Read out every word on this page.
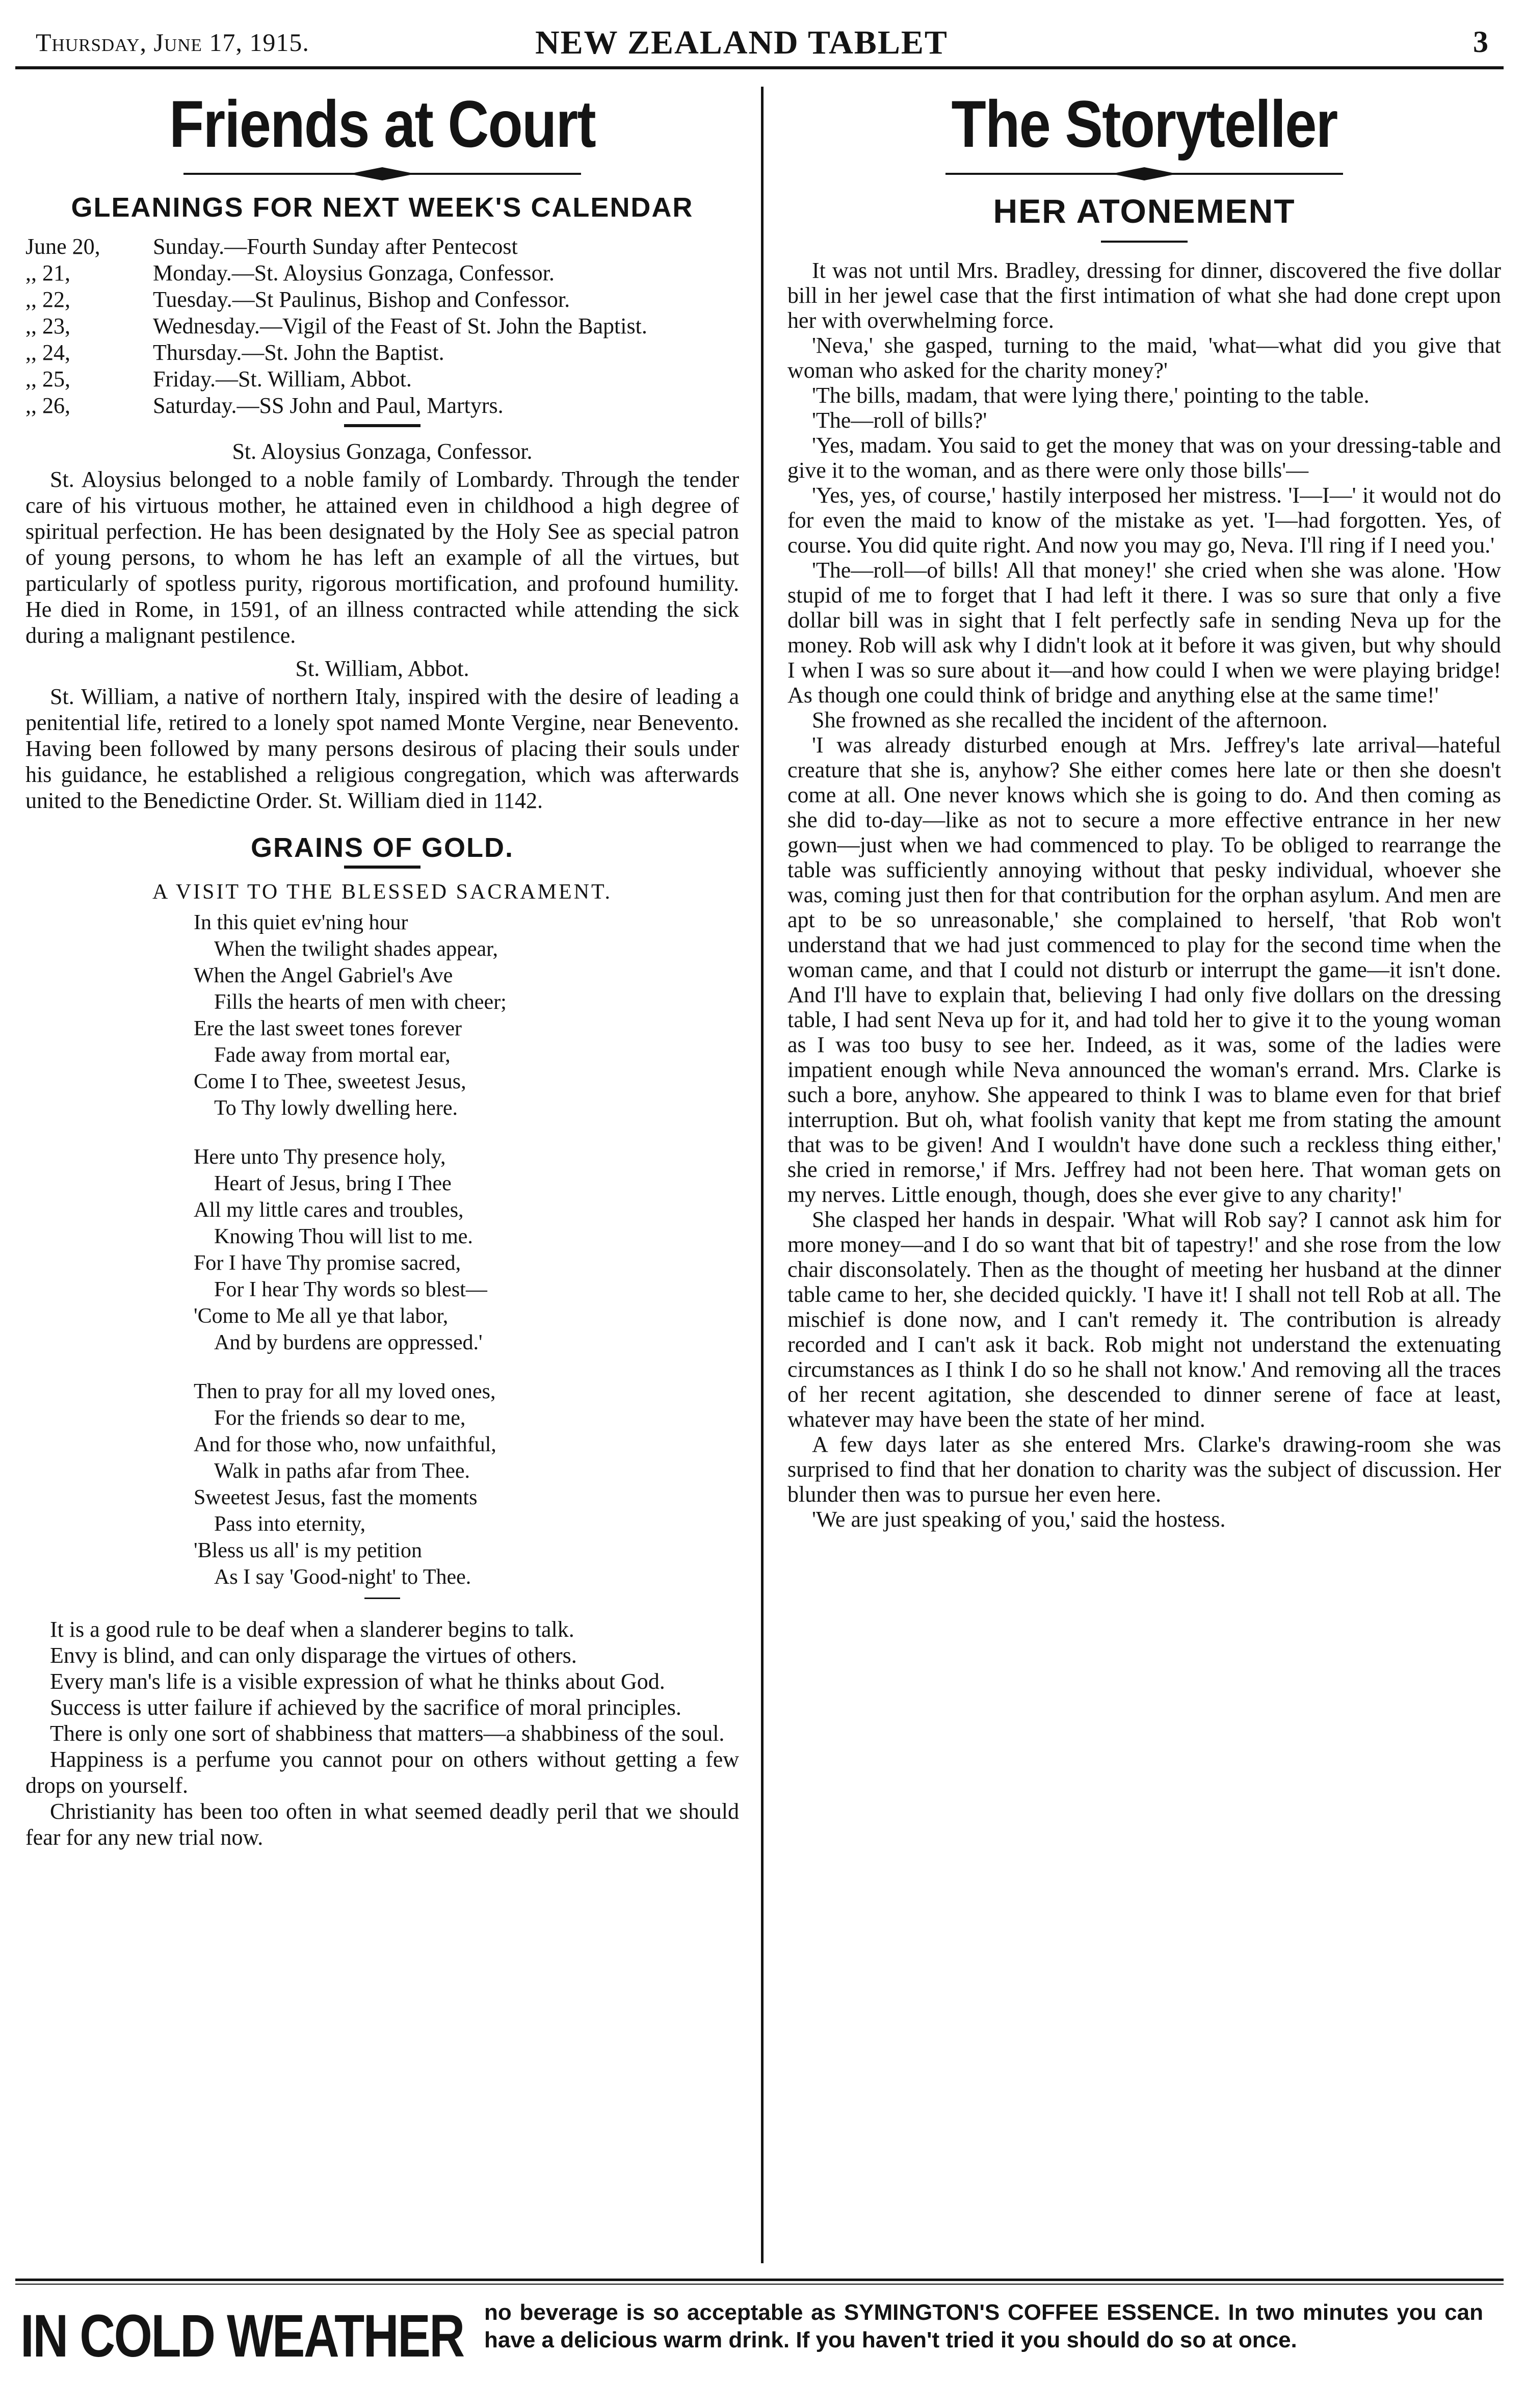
Thursday, June 17, 1915.	NEW ZEALAND TABLET	3
Friends at Court
GLEANINGS FOR NEXT WEEK'S CALENDAR
June 20,	Sunday.—Fourth Sunday after Pentecost
,, 21,	Monday.—St. Aloysius Gonzaga, Confessor.
,, 22,	Tuesday.—St Paulinus, Bishop and Confessor.
,, 23,	Wednesday.—Vigil of the Feast of St. John the Baptist.
,, 24,	Thursday.—St. John the Baptist.
,, 25,	Friday.—St. William, Abbot.
,, 26,	Saturday.—SS John and Paul, Martyrs.
St. Aloysius Gonzaga, Confessor.

St. Aloysius belonged to a noble family of Lombardy. Through the tender care of his virtuous mother, he attained even in childhood a high degree of spiritual perfection. He has been designated by the Holy See as special patron of young persons, to whom he has left an example of all the virtues, but particularly of spotless purity, rigorous mortification, and profound humility. He died in Rome, in 1591, of an illness contracted while attending the sick during a malignant pestilence.

St. William, Abbot.

St. William, a native of northern Italy, inspired with the desire of leading a penitential life, retired to a lonely spot named Monte Vergine, near Benevento. Having been followed by many persons desirous of placing their souls under his guidance, he established a religious congregation, which was afterwards united to the Benedictine Order. St. William died in 1142.

GRAINS OF GOLD.
A VISIT TO THE BLESSED SACRAMENT.
In this quiet ev'ning hour
When the twilight shades appear,
When the Angel Gabriel's Ave
Fills the hearts of men with cheer;
Ere the last sweet tones forever
Fade away from mortal ear,
Come I to Thee, sweetest Jesus,
To Thy lowly dwelling here.
Here unto Thy presence holy,
Heart of Jesus, bring I Thee
All my little cares and troubles,
Knowing Thou will list to me.
For I have Thy promise sacred,
For I hear Thy words so blest—
'Come to Me all ye that labor,
And by burdens are oppressed.'
Then to pray for all my loved ones,
For the friends so dear to me,
And for those who, now unfaithful,
Walk in paths afar from Thee.
Sweetest Jesus, fast the moments
Pass into eternity,
'Bless us all' is my petition
As I say 'Good-night' to Thee.

It is a good rule to be deaf when a slanderer begins to talk.

Envy is blind, and can only disparage the virtues of others.

Every man's life is a visible expression of what he thinks about God.

Success is utter failure if achieved by the sacrifice of moral principles.

There is only one sort of shabbiness that matters—a shabbiness of the soul.

Happiness is a perfume you cannot pour on others without getting a few drops on yourself.

Christianity has been too often in what seemed deadly peril that we should fear for any new trial now.

The Storyteller
HER ATONEMENT

It was not until Mrs. Bradley, dressing for dinner, discovered the five dollar bill in her jewel case that the first intimation of what she had done crept upon her with overwhelming force.

'Neva,' she gasped, turning to the maid, 'what—what did you give that woman who asked for the charity money?'

'The bills, madam, that were lying there,' pointing to the table.

'The—roll of bills?'

'Yes, madam. You said to get the money that was on your dressing-table and give it to the woman, and as there were only those bills'—

'Yes, yes, of course,' hastily interposed her mistress. 'I—I—' it would not do for even the maid to know of the mistake as yet. 'I—had forgotten. Yes, of course. You did quite right. And now you may go, Neva. I'll ring if I need you.'

'The—roll—of bills! All that money!' she cried when she was alone. 'How stupid of me to forget that I had left it there. I was so sure that only a five dollar bill was in sight that I felt perfectly safe in sending Neva up for the money. Rob will ask why I didn't look at it before it was given, but why should I when I was so sure about it—and how could I when we were playing bridge! As though one could think of bridge and anything else at the same time!'

She frowned as she recalled the incident of the afternoon.

'I was already disturbed enough at Mrs. Jeffrey's late arrival—hateful creature that she is, anyhow? She either comes here late or then she doesn't come at all. One never knows which she is going to do. And then coming as she did to-day—like as not to secure a more effective entrance in her new gown—just when we had commenced to play. To be obliged to rearrange the table was sufficiently annoying without that pesky individual, whoever she was, coming just then for that contribution for the orphan asylum. And men are apt to be so unreasonable,' she complained to herself, 'that Rob won't understand that we had just commenced to play for the second time when the woman came, and that I could not disturb or interrupt the game—it isn't done. And I'll have to explain that, believing I had only five dollars on the dressing table, I had sent Neva up for it, and had told her to give it to the young woman as I was too busy to see her. Indeed, as it was, some of the ladies were impatient enough while Neva announced the woman's errand. Mrs. Clarke is such a bore, anyhow. She appeared to think I was to blame even for that brief interruption. But oh, what foolish vanity that kept me from stating the amount that was to be given! And I wouldn't have done such a reckless thing either,' she cried in remorse,' if Mrs. Jeffrey had not been here. That woman gets on my nerves. Little enough, though, does she ever give to any charity!'

She clasped her hands in despair. 'What will Rob say? I cannot ask him for more money—and I do so want that bit of tapestry!' and she rose from the low chair disconsolately. Then as the thought of meeting her husband at the dinner table came to her, she decided quickly. 'I have it! I shall not tell Rob at all. The mischief is done now, and I can't remedy it. The contribution is already recorded and I can't ask it back. Rob might not understand the extenuating circumstances as I think I do so he shall not know.' And removing all the traces of her recent agitation, she descended to dinner serene of face at least, whatever may have been the state of her mind.

A few days later as she entered Mrs. Clarke's drawing-room she was surprised to find that her donation to charity was the subject of discussion. Her blunder then was to pursue her even here.

'We are just speaking of you,' said the hostess.

IN COLD WEATHER no beverage is so acceptable as SYMINGTON'S COFFEE ESSENCE. In two minutes you can have a delicious warm drink. If you haven't tried it you should do so at once.
